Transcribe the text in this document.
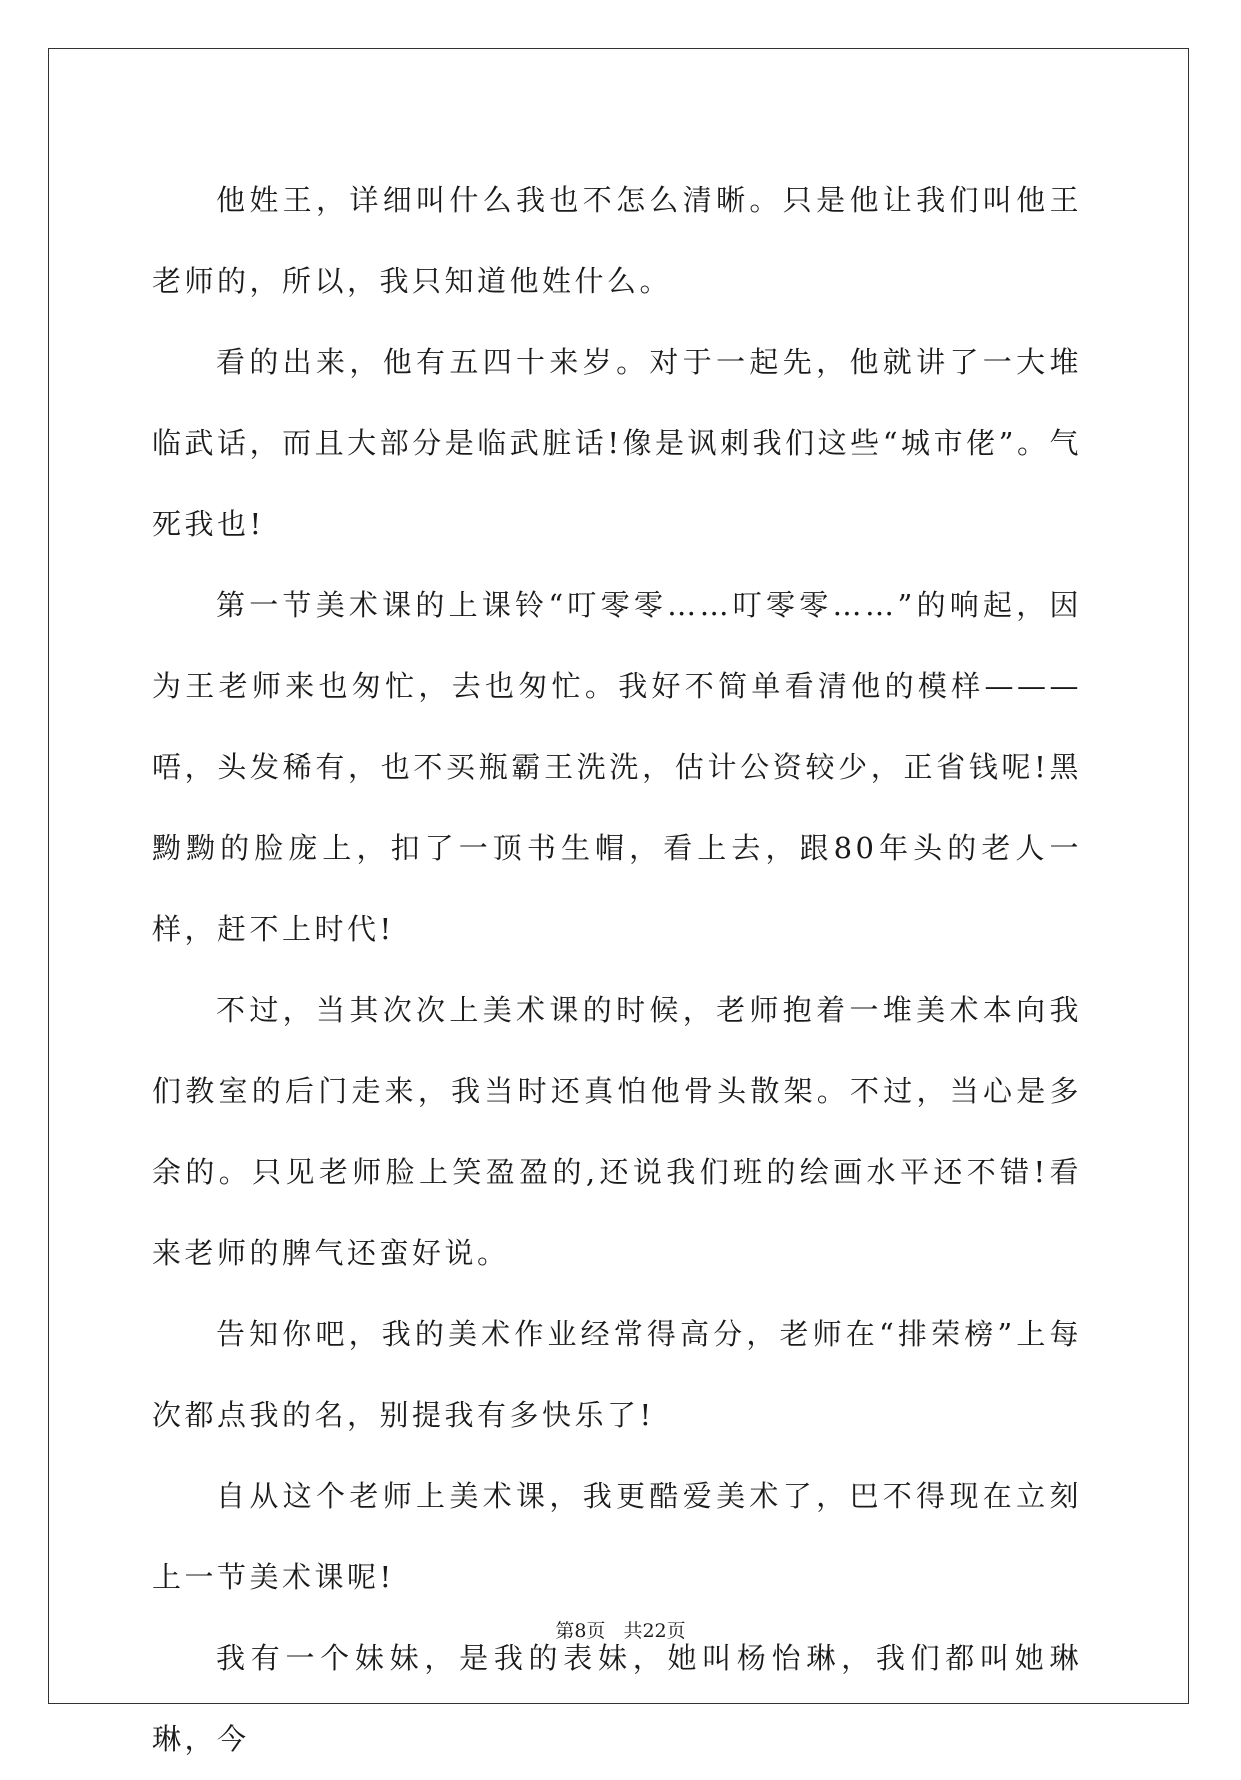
他姓王，详细叫什么我也不怎么清晰。只是他让我们叫他王老师的，所以，我只知道他姓什么。

看的出来，他有五四十来岁。对于一起先，他就讲了一大堆临武话，而且大部分是临武脏话!像是讽刺我们这些“城市佬”。气死我也!

第一节美术课的上课铃“叮零零……叮零零……”的响起，因为王老师来也匆忙，去也匆忙。我好不简单看清他的模样———唔，头发稀有，也不买瓶霸王洗洗，估计公资较少，正省钱呢!黑黝黝的脸庞上，扣了一顶书生帽，看上去，跟80年头的老人一样，赶不上时代!

不过，当其次次上美术课的时候，老师抱着一堆美术本向我们教室的后门走来，我当时还真怕他骨头散架。不过，当心是多余的。只见老师脸上笑盈盈的,还说我们班的绘画水平还不错!看来老师的脾气还蛮好说。

告知你吧，我的美术作业经常得高分，老师在“排荣榜”上每次都点我的名，别提我有多快乐了!

自从这个老师上美术课，我更酷爱美术了，巴不得现在立刻上一节美术课呢!

我有一个妹妹，是我的表妹，她叫杨怡琳，我们都叫她琳琳，今

第8页 共22页
